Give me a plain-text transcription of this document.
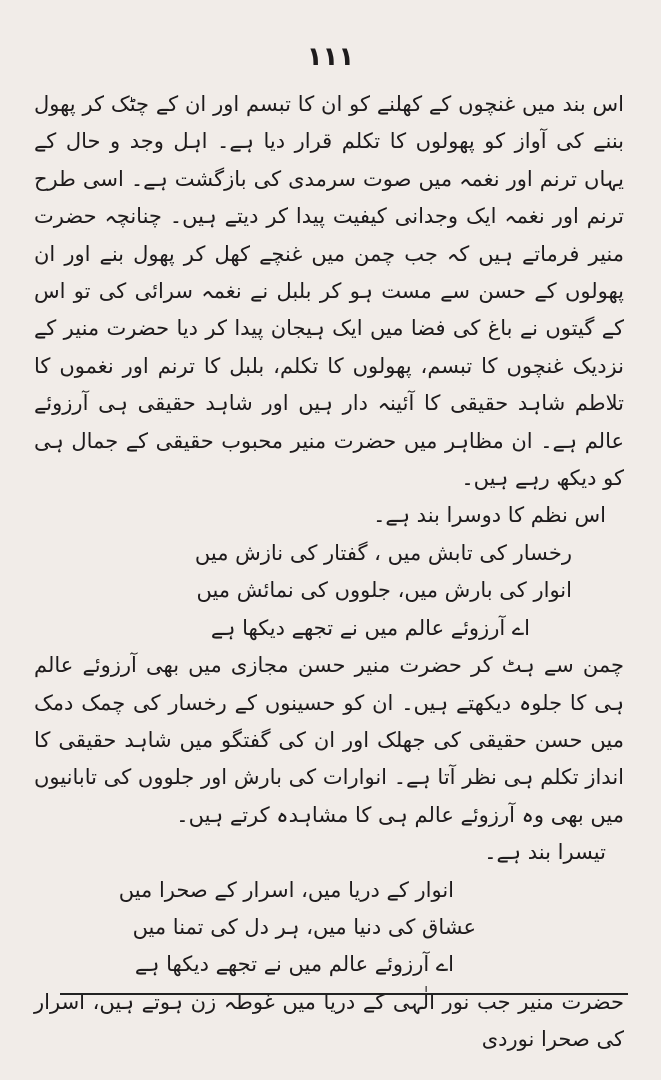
۱۱۱

اس بند میں غنچوں کے کھلنے کو ان کا تبسم اور ان کے چٹک کر پھول بننے کی آواز کو پھولوں کا تکلم قرار دیا ہے۔ اہل وجد و حال کے یہاں ترنم اور نغمہ میں صوت سرمدی کی بازگشت ہے۔ اسی طرح ترنم اور نغمہ ایک وجدانی کیفیت پیدا کر دیتے ہیں۔ چنانچہ حضرت منیر فرماتے ہیں کہ جب چمن میں غنچے کھل کر پھول بنے اور ان پھولوں کے حسن سے مست ہو کر بلبل نے نغمہ سرائی کی تو اس کے گیتوں نے باغ کی فضا میں ایک ہیجان پیدا کر دیا حضرت منیر کے نزدیک غنچوں کا تبسم، پھولوں کا تکلم، بلبل کا ترنم اور نغموں کا تلاطم شاہد حقیقی کا آئینہ دار ہیں اور شاہد حقیقی ہی آرزوئے عالم ہے۔ ان مظاہر میں حضرت منیر محبوب حقیقی کے جمال ہی کو دیکھ رہے ہیں۔

اس نظم کا دوسرا بند ہے۔

رخسار کی تابش میں ، گفتار کی نازش میں

انوار کی بارش میں، جلووں کی نمائش میں

اے آرزوئے عالم میں نے تجھے دیکھا ہے

چمن سے ہٹ کر حضرت منیر حسن مجازی میں بھی آرزوئے عالم ہی کا جلوہ دیکھتے ہیں۔ ان کو حسینوں کے رخسار کی چمک دمک میں حسن حقیقی کی جھلک اور ان کی گفتگو میں شاہد حقیقی کا انداز تکلم ہی نظر آتا ہے۔ انوارات کی بارش اور جلووں کی تابانیوں میں بھی وہ آرزوئے عالم ہی کا مشاہدہ کرتے ہیں۔

تیسرا بند ہے۔

انوار کے دریا میں، اسرار کے صحرا میں

عشاق کی دنیا میں، ہر دل کی تمنا میں

اے آرزوئے عالم میں نے تجھے دیکھا ہے

حضرت منیر جب نور الٰہی کے دریا میں غوطہ زن ہوتے ہیں، اسرار کی صحرا نوردی
